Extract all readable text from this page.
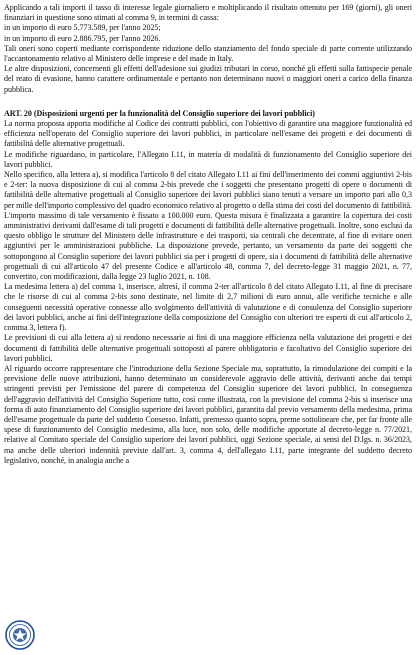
Applicando a tali importi il tasso di interesse legale giornaliero e moltiplicando il risultato ottenuto per 169 (giorni), gli oneri finanziari in questione sono stimati al comma 9, in termini di cassa:

in un importo di euro 5.773.589, per l'anno 2025;

in un importo di euro 2.886.795, per l'anno 2026.

Tali oneri sono coperti mediante corrispondente riduzione dello stanziamento del fondo speciale di parte corrente utilizzando l'accantonamento relativo al Ministero delle imprese e del made in Italy.

Le altre disposizioni, concernenti gli effetti dell'adesione sui giudizi tributari in corso, nonché gli effetti sulla fattispecie penale del reato di evasione, hanno carattere ordinamentale e pertanto non determinano nuovi o maggiori oneri a carico della finanza pubblica.

ART. 20 (Disposizioni urgenti per la funzionalità del Consiglio superiore dei lavori pubblici)

La norma proposta apporta modifiche al Codice dei contratti pubblici, con l'obiettivo di garantire una maggiore funzionalità ed efficienza nell'operato del Consiglio superiore dei lavori pubblici, in particolare nell'esame dei progetti e dei documenti di fattibilità delle alternative progettuali.

Le modifiche riguardano, in particolare, l'Allegato I.11, in materia di modalità di funzionamento del Consiglio superiore dei lavori pubblici.

Nello specifico, alla lettera a), si modifica l'articolo 8 del citato Allegato I.11 ai fini dell'inserimento dei commi aggiuntivi 2-bis e 2-ter: la nuova disposizione di cui al comma 2-bis prevede che i soggetti che presentano progetti di opere o documenti di fattibilità delle alternative progettuali al Consiglio superiore dei lavori pubblici siano tenuti a versare un importo pari allo 0,3 per mille dell'importo complessivo del quadro economico relativo al progetto o della stima dei costi del documento di fattibilità. L'importo massimo di tale versamento è fissato a 100.000 euro. Questa misura è finalizzata a garantire la copertura dei costi amministrativi derivanti dall'esame di tali progetti e documenti di fattibilità delle alternative progettuali. Inoltre, sono esclusi da questo obbligo le strutture del Ministero delle infrastrutture e dei trasporti, sia centrali che decentrate, al fine di evitare oneri aggiuntivi per le amministrazioni pubbliche. La disposizione prevede, pertanto, un versamento da parte dei soggetti che sottopongono al Consiglio superiore dei lavori pubblici sia per i progetti di opere, sia i documenti di fattibilità delle alternative progettuali di cui all'articolo 47 del presente Codice e all'articolo 48, comma 7, del decreto-legge 31 maggio 2021, n. 77, convertito, con modificazioni, dalla legge 23 luglio 2021, n. 108.

La medesima lettera a) del comma 1, inserisce, altresì, il comma 2-ter all'articolo 8 del citato Allegato I.11, al fine di precisare che le risorse di cui al comma 2-bis sono destinate, nel limite di 2,7 milioni di euro annui, alle verifiche tecniche e alle conseguenti necessità operative connesse allo svolgimento dell'attività di valutazione e di consulenza del Consiglio superiore dei lavori pubblici, anche ai fini dell'integrazione della composizione del Consiglio con ulteriori tre esperti di cui all'articolo 2, comma 3, lettera f).

Le previsioni di cui alla lettera a) si rendono necessarie ai fini di una maggiore efficienza nella valutazione dei progetti e dei documenti di fattibilità delle alternative progettuali sottoposti al parere obbligatorio e facoltativo del Consiglio superiore dei lavori pubblici.

Al riguardo occorre rappresentare che l'introduzione della Sezione Speciale ma, soprattutto, la rimodulazione dei compiti e la previsione delle nuove attribuzioni, hanno determinato un considerevole aggravio delle attività, derivanti anche dai tempi stringenti previsti per l'emissione del parere di competenza del Consiglio superiore dei lavori pubblici. In conseguenza dell'aggravio dell'attività del Consiglio Superiore tutto, così come illustrata, con la previsione del comma 2-bis si inserisce una forma di auto finanziamento del Consiglio superiore dei lavori pubblici, garantita dal previo versamento della medesima, prima dell'esame progettuale da parte del suddetto Consesso. Infatti, premesso quanto sopra, preme sottolineare che, per far fronte alle spese di funzionamento del Consiglio medesimo, alla luce, non solo, delle modifiche apportate al decreto-legge n. 77/2021, relative al Comitato speciale del Consiglio superiore dei lavori pubblici, oggi Sezione speciale, ai sensi del D.lgs. n. 36/2023, ma anche delle ulteriori indennità previste dall'art. 3, comma 4, dell'allegato I.11, parte integrante del suddetto decreto legislativo, nonché, in analogia anche a
